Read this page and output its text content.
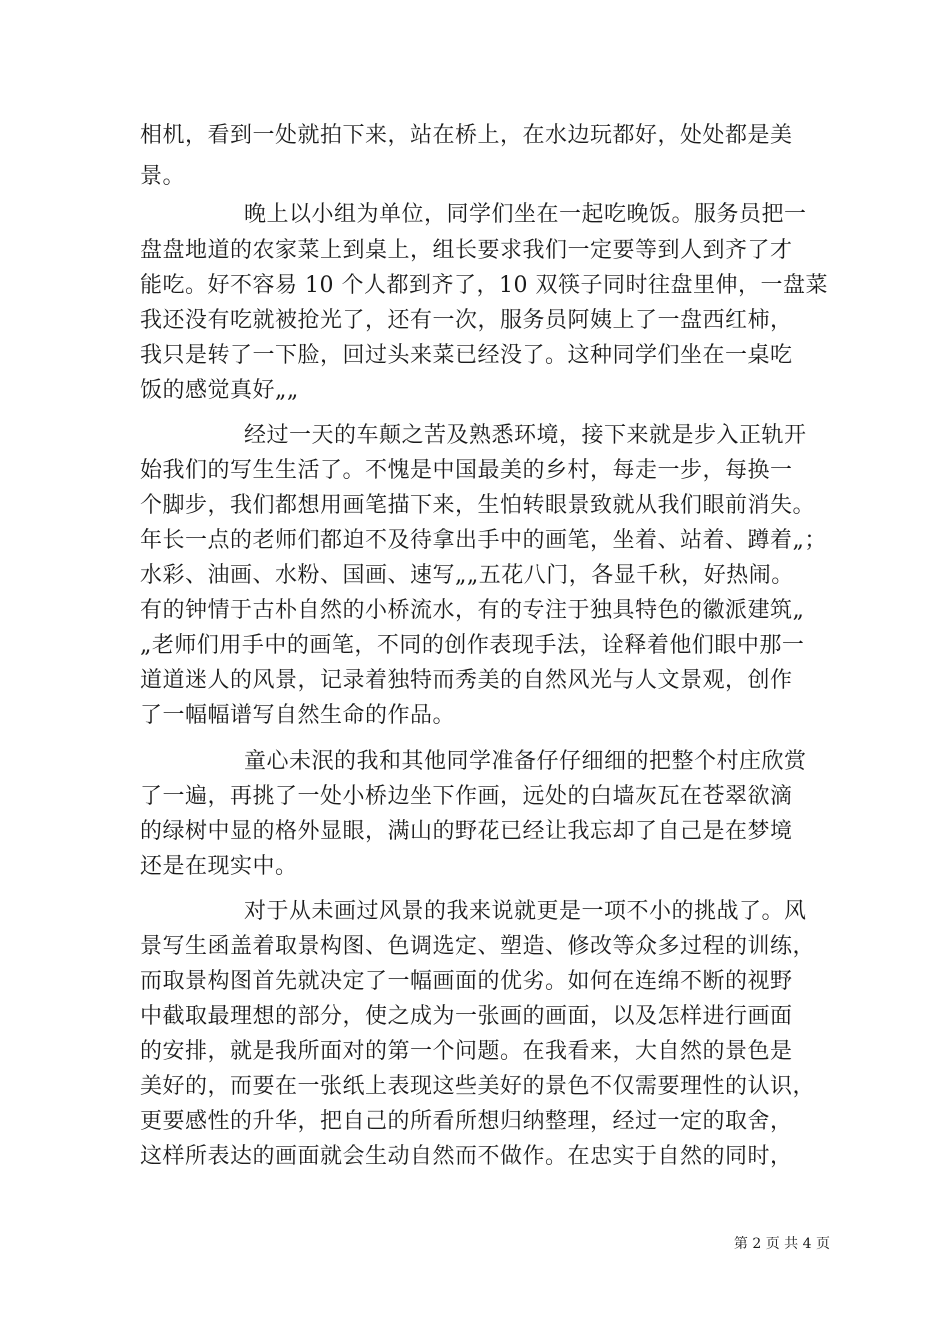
相机，看到一处就拍下来，站在桥上，在水边玩都好，处处都是美
景。
晚上以小组为单位，同学们坐在一起吃晚饭。服务员把一
盘盘地道的农家菜上到桌上，组长要求我们一定要等到人到齐了才
能吃。好不容易 10 个人都到齐了，10 双筷子同时往盘里伸，一盘菜
我还没有吃就被抢光了，还有一次，服务员阿姨上了一盘西红柿，
我只是转了一下脸，回过头来菜已经没了。这种同学们坐在一桌吃
饭的感觉真好„„
经过一天的车颠之苦及熟悉环境，接下来就是步入正轨开
始我们的写生生活了。不愧是中国最美的乡村，每走一步，每换一
个脚步，我们都想用画笔描下来，生怕转眼景致就从我们眼前消失。
年长一点的老师们都迫不及待拿出手中的画笔，坐着、站着、蹲着„；
水彩、油画、水粉、国画、速写„„五花八门，各显千秋，好热闹。
有的钟情于古朴自然的小桥流水，有的专注于独具特色的徽派建筑„
„老师们用手中的画笔，不同的创作表现手法，诠释着他们眼中那一
道道迷人的风景，记录着独特而秀美的自然风光与人文景观，创作
了一幅幅谱写自然生命的作品。
童心未泯的我和其他同学准备仔仔细细的把整个村庄欣赏
了一遍，再挑了一处小桥边坐下作画，远处的白墙灰瓦在苍翠欲滴
的绿树中显的格外显眼，满山的野花已经让我忘却了自己是在梦境
还是在现实中。
对于从未画过风景的我来说就更是一项不小的挑战了。风
景写生函盖着取景构图、色调选定、塑造、修改等众多过程的训练，
而取景构图首先就决定了一幅画面的优劣。如何在连绵不断的视野
中截取最理想的部分，使之成为一张画的画面，以及怎样进行画面
的安排，就是我所面对的第一个问题。在我看来，大自然的景色是
美好的，而要在一张纸上表现这些美好的景色不仅需要理性的认识，
更要感性的升华，把自己的所看所想归纳整理，经过一定的取舍，
这样所表达的画面就会生动自然而不做作。在忠实于自然的同时，
第 2 页 共 4 页
